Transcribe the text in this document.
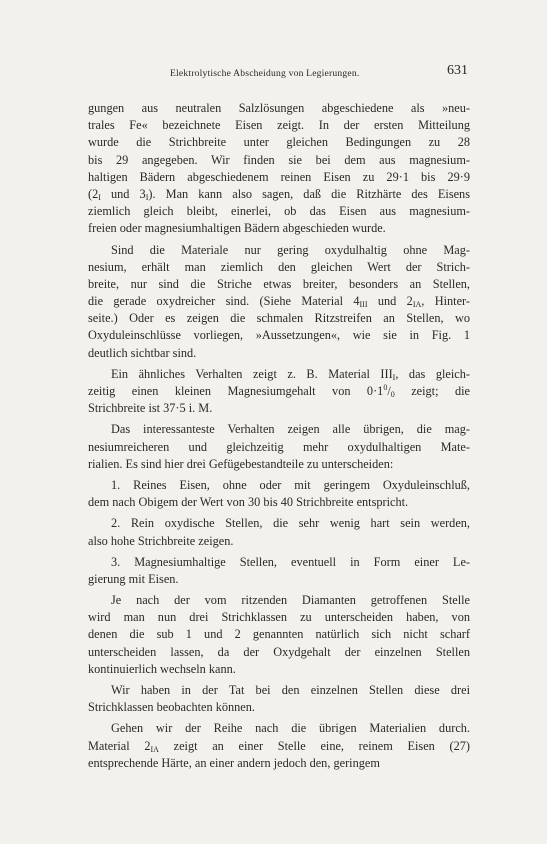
Elektrolytische Abscheidung von Legierungen.	631
gungen aus neutralen Salzlösungen abgeschiedene als »neu-
trales Fe« bezeichnete Eisen zeigt. In der ersten Mitteilung
wurde die Strichbreite unter gleichen Bedingungen zu 28
bis 29 angegeben. Wir finden sie bei dem aus magnesium-
haltigen Bädern abgeschiedenem reinen Eisen zu 29·1 bis 29·9
($2_I$ und $3_I$). Man kann also sagen, daß die Ritzhärte des Eisens
ziemlich gleich bleibt, einerlei, ob das Eisen aus magnesium-
freien oder magnesiumhaltigen Bädern abgeschieden wurde.
Sind die Materiale nur gering oxydulhaltig ohne Mag-
nesium, erhält man ziemlich den gleichen Wert der Strich-
breite, nur sind die Striche etwas breiter, besonders an Stellen,
die gerade oxydreicher sind. (Siehe Material $4_{III}$ und $2_{IA}$, Hinter-
seite.) Oder es zeigen die schmalen Ritzstreifen an Stellen, wo
Oxyduleinschlüsse vorliegen, »Aussetzungen«, wie sie in Fig. 1
deutlich sichtbar sind.
Ein ähnliches Verhalten zeigt z. B. Material $III_I$, das gleich-
zeitig einen kleinen Magnesiumgehalt von $0\cdot 1^0/_0$ zeigt; die
Strichbreite ist 37·5 i. M.
Das interessanteste Verhalten zeigen alle übrigen, die mag-
nesiumreicheren und gleichzeitig mehr oxydulhaltigen Mate-
rialien. Es sind hier drei Gefügebestandteile zu unterscheiden:
1. Reines Eisen, ohne oder mit geringem Oxyduleinschluß,
dem nach Obigem der Wert von 30 bis 40 Strichbreite entspricht.
2. Rein oxydische Stellen, die sehr wenig hart sein werden,
also hohe Strichbreite zeigen.
3. Magnesiumhaltige Stellen, eventuell in Form einer Le-
gierung mit Eisen.
Je nach der vom ritzenden Diamanten getroffenen Stelle
wird man nun drei Strichklassen zu unterscheiden haben, von
denen die sub 1 und 2 genannten natürlich sich nicht scharf
unterscheiden lassen, da der Oxydgehalt der einzelnen Stellen
kontinuierlich wechseln kann.
Wir haben in der Tat bei den einzelnen Stellen diese drei
Strichklassen beobachten können.
Gehen wir der Reihe nach die übrigen Materialien durch.
Material $2_{IA}$ zeigt an einer Stelle eine, reinem Eisen (27)
entsprechende Härte, an einer andern jedoch den, geringem
